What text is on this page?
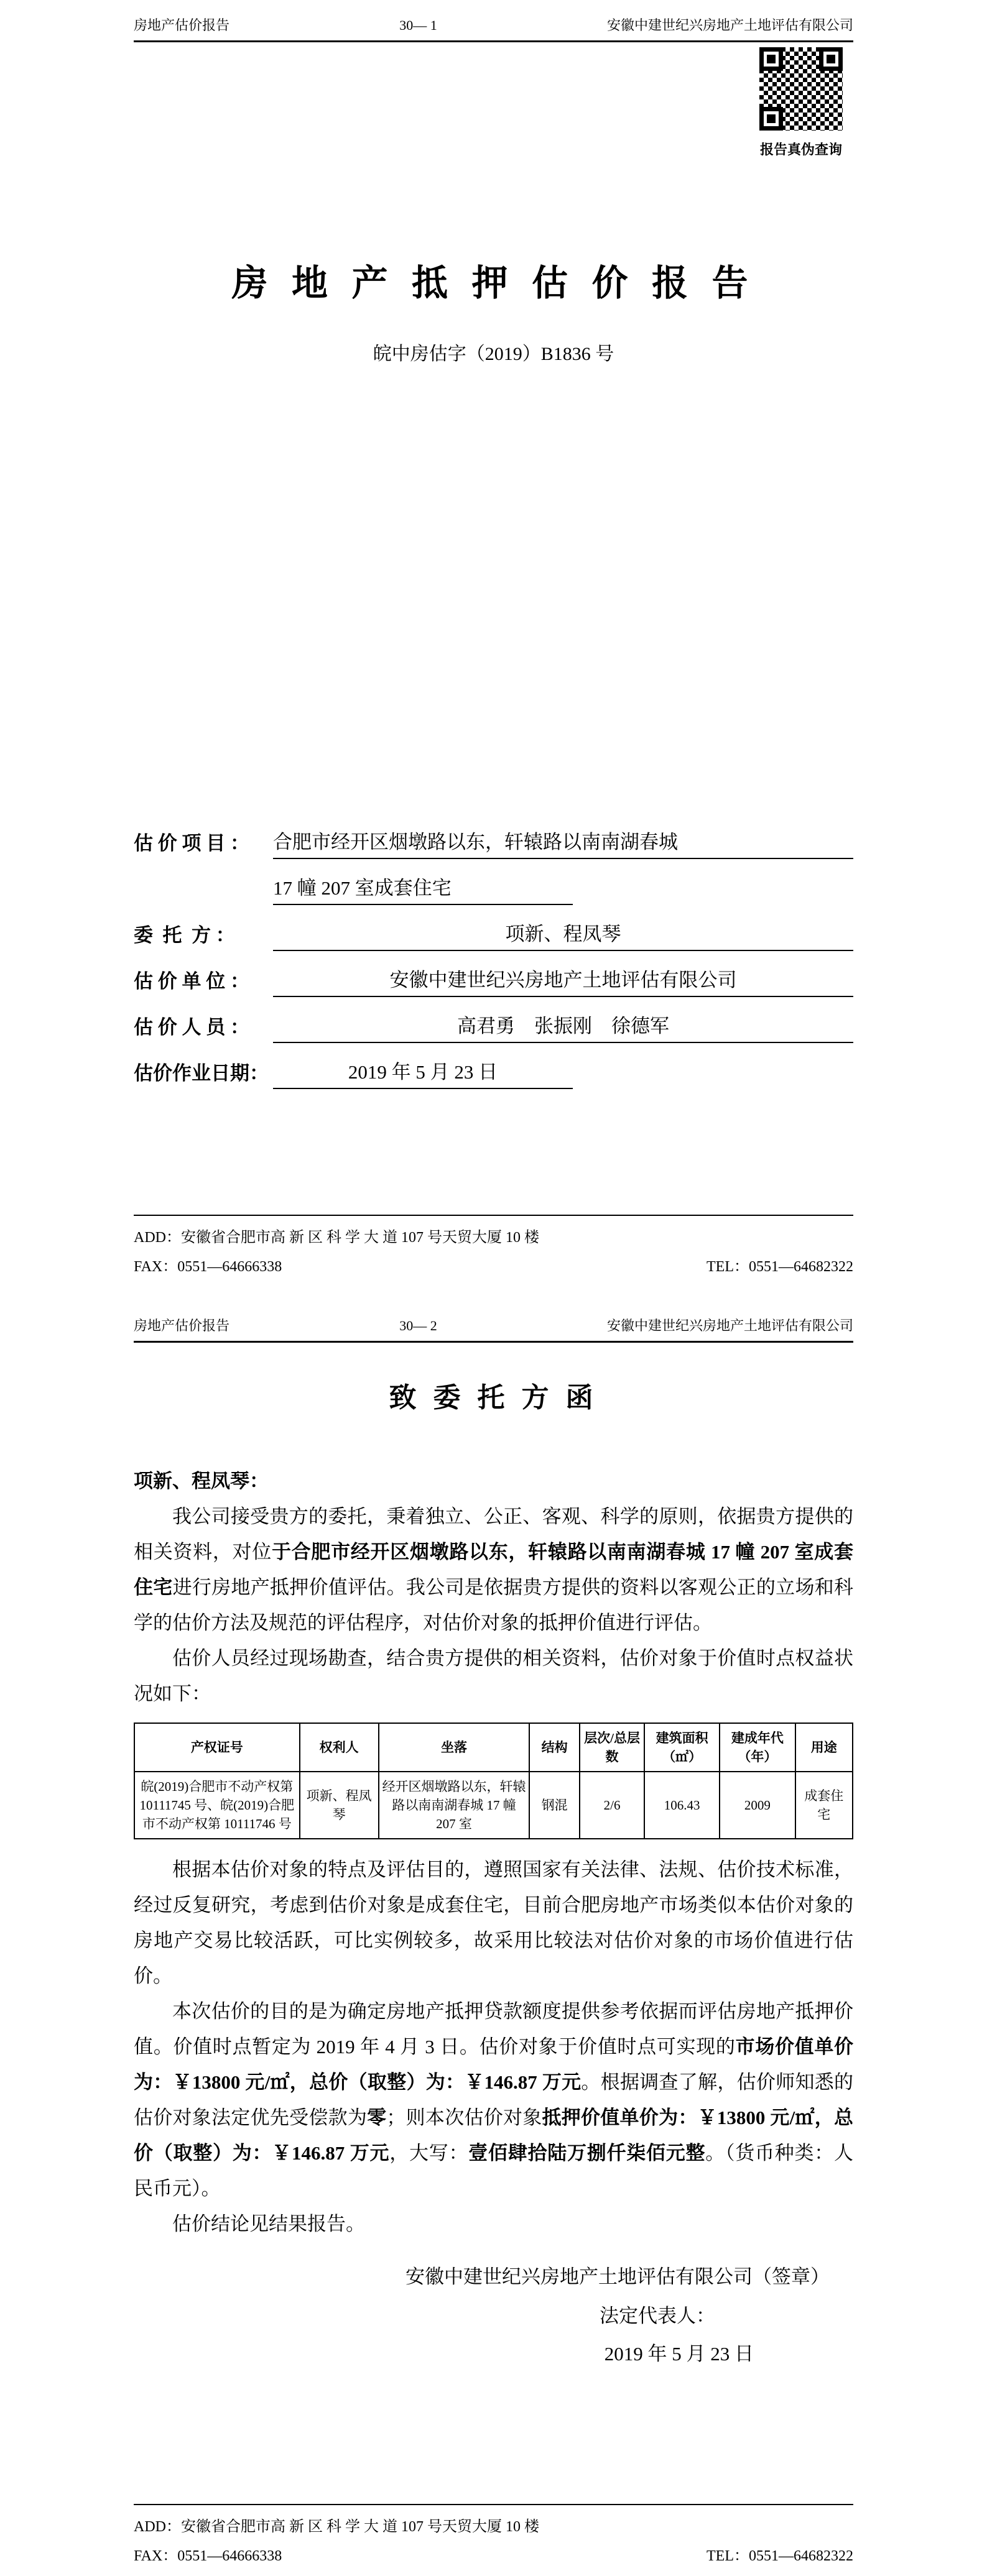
房地产估价报告	30— 1	安徽中建世纪兴房地产土地评估有限公司
报告真伪查询
房 地 产 抵 押 估 价 报 告
皖中房估字（2019）B1836 号
估 价 项 目 ：	合肥市经开区烟墩路以东，轩辕路以南南湖春城
17 幢 207 室成套住宅
委  托  方 ：	项新、程凤琴
估 价 单 位 ：	安徽中建世纪兴房地产土地评估有限公司
估 价 人 员 ：	高君勇　张振刚　徐德军
估价作业日期：	2019 年 5 月 23 日
ADD：安徽省合肥市高 新 区 科 学 大 道 107 号天贸大厦 10 楼
FAX：0551—64666338	TEL：0551—64682322
房地产估价报告	30— 2	安徽中建世纪兴房地产土地评估有限公司
致 委 托 方 函
项新、程凤琴：

我公司接受贵方的委托，秉着独立、公正、客观、科学的原则，依据贵方提供的相关资料，对位于合肥市经开区烟墩路以东，轩辕路以南南湖春城 17 幢 207 室成套住宅进行房地产抵押价值评估。我公司是依据贵方提供的资料以客观公正的立场和科学的估价方法及规范的评估程序，对估价对象的抵押价值进行评估。

估价人员经过现场勘查，结合贵方提供的相关资料，估价对象于价值时点权益状况如下：

产权证号	权利人	坐落	结构	层次/总层数	建筑面积（㎡）	建成年代（年）	用途
皖(2019)合肥市不动产权第 10111745 号、皖(2019)合肥市不动产权第 10111746 号	项新、程凤琴	经开区烟墩路以东，轩辕路以南南湖春城 17 幢 207 室	钢混	2/6	106.43	2009	成套住宅

根据本估价对象的特点及评估目的，遵照国家有关法律、法规、估价技术标准，经过反复研究，考虑到估价对象是成套住宅，目前合肥房地产市场类似本估价对象的房地产交易比较活跃，可比实例较多，故采用比较法对估价对象的市场价值进行估价。

本次估价的目的是为确定房地产抵押贷款额度提供参考依据而评估房地产抵押价值。价值时点暂定为 2019 年 4 月 3 日。估价对象于价值时点可实现的市场价值单价为：￥13800 元/㎡，总价（取整）为：￥146.87 万元。根据调查了解，估价师知悉的估价对象法定优先受偿款为零；则本次估价对象抵押价值单价为：￥13800 元/㎡，总价（取整）为：￥146.87 万元，大写：壹佰肆拾陆万捌仟柒佰元整。（货币种类：人民币元）。

估价结论见结果报告。

安徽中建世纪兴房地产土地评估有限公司（签章）
法定代表人：
2019 年 5 月 23 日
ADD：安徽省合肥市高 新 区 科 学 大 道 107 号天贸大厦 10 楼
FAX：0551—64666338	TEL：0551—64682322
